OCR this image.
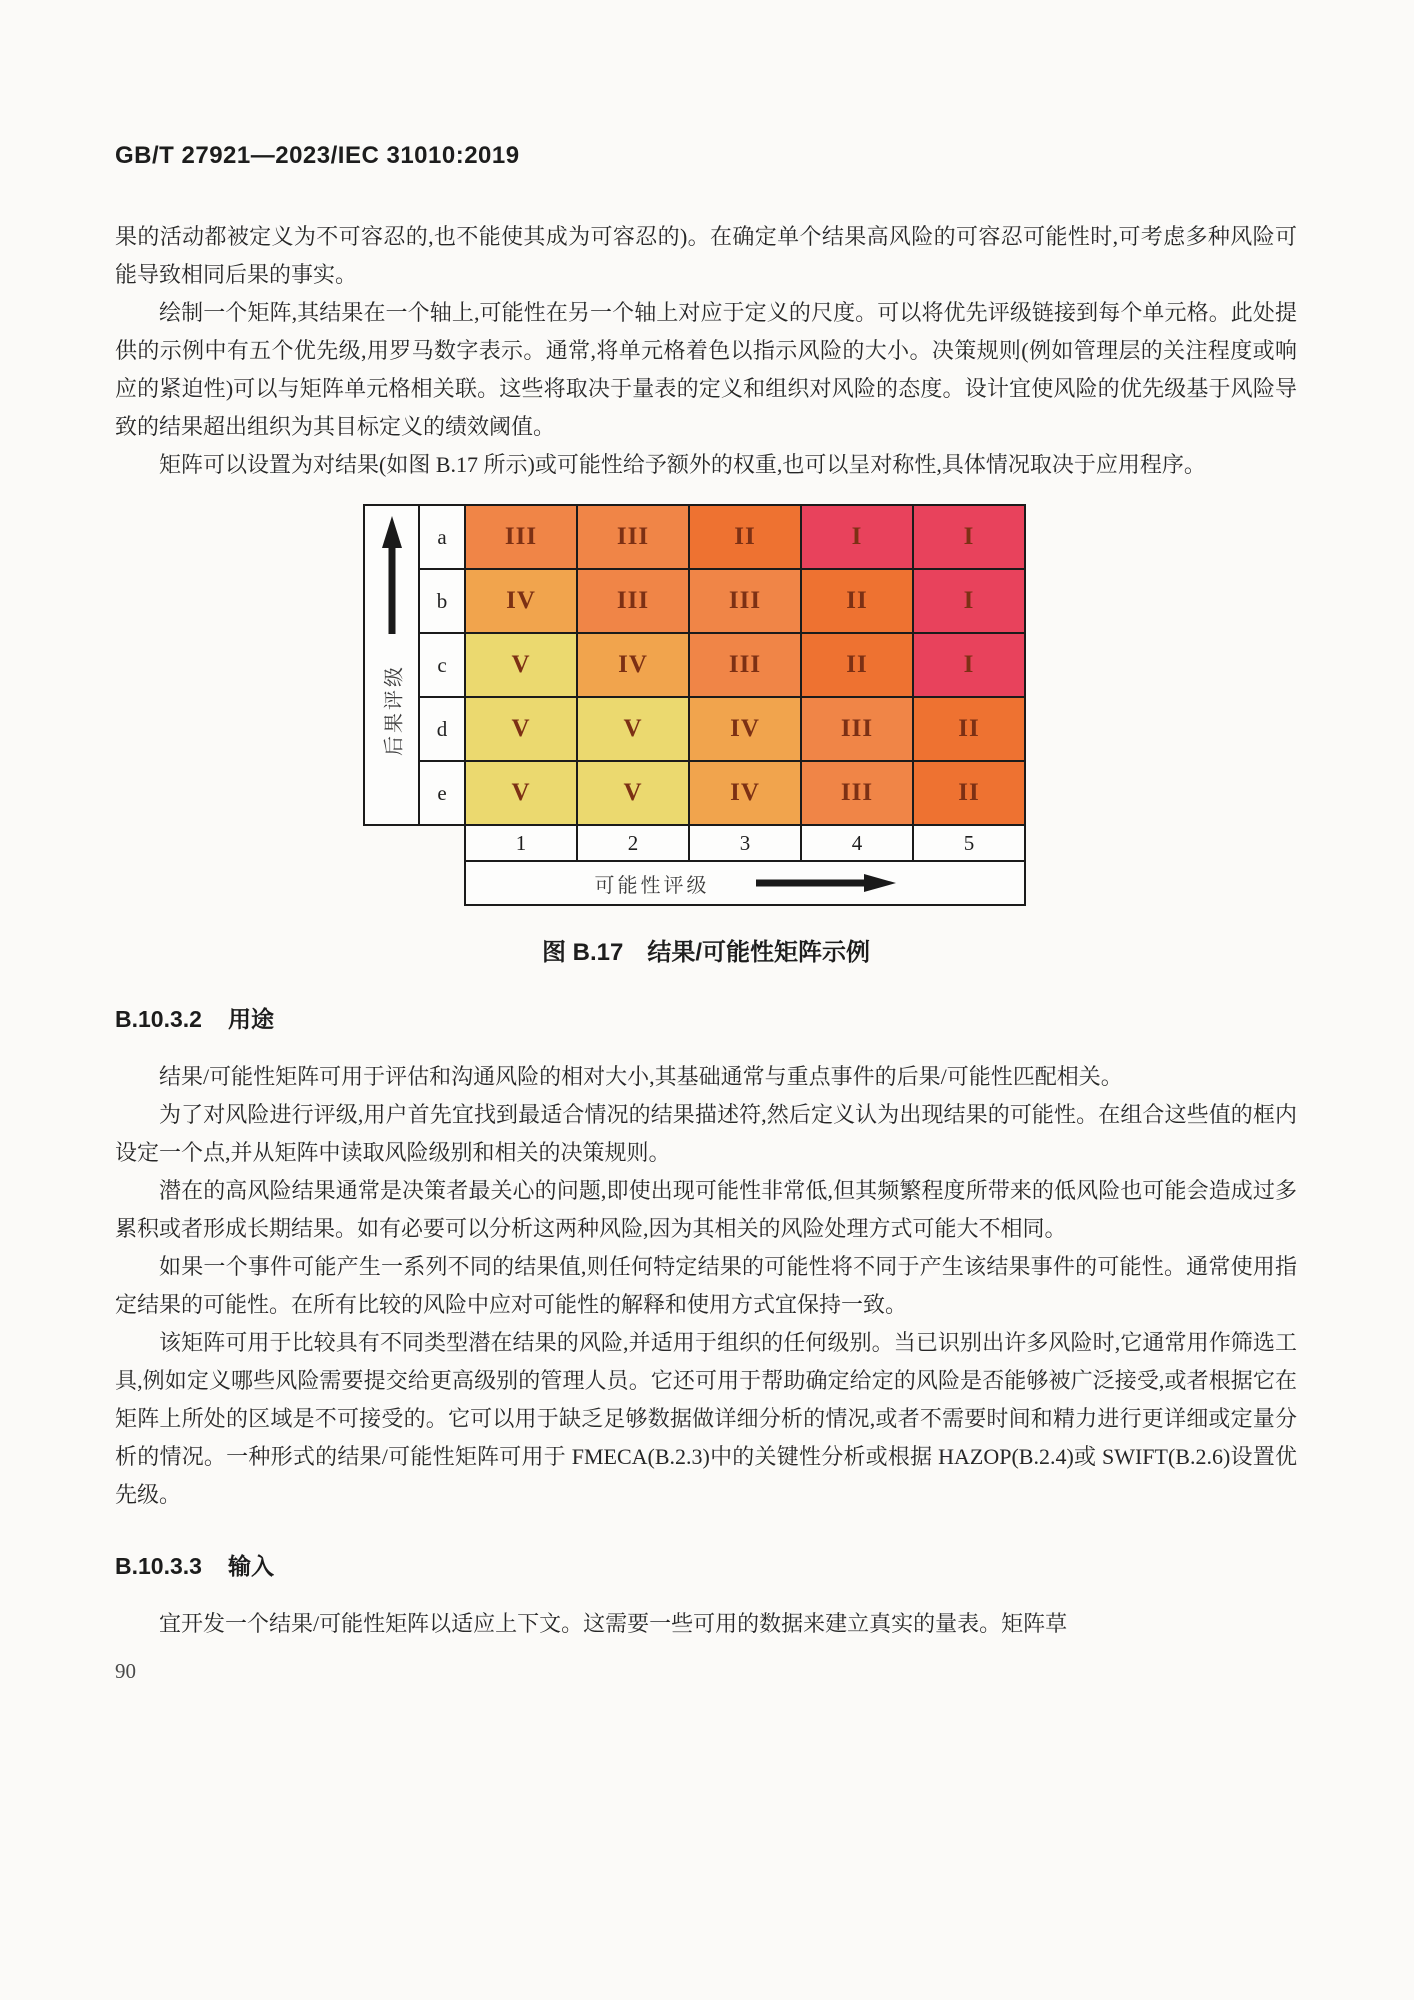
GB/T 27921—2023/IEC 31010:2019

果的活动都被定义为不可容忍的,也不能使其成为可容忍的)。在确定单个结果高风险的可容忍可能性时,可考虑多种风险可能导致相同后果的事实。

绘制一个矩阵,其结果在一个轴上,可能性在另一个轴上对应于定义的尺度。可以将优先评级链接到每个单元格。此处提供的示例中有五个优先级,用罗马数字表示。通常,将单元格着色以指示风险的大小。决策规则(例如管理层的关注程度或响应的紧迫性)可以与矩阵单元格相关联。这些将取决于量表的定义和组织对风险的态度。设计宜使风险的优先级基于风险导致的结果超出组织为其目标定义的绩效阈值。

矩阵可以设置为对结果(如图 B.17 所示)或可能性给予额外的权重,也可以呈对称性,具体情况取决于应用程序。

后果评级
a	III	III	II	I	I
b	IV	III	III	II	I
c	V	IV	III	II	I
d	V	V	IV	III	II
e	V	V	IV	III	II
1	2	3	4	5

可能性评级
图 B.17　结果/可能性矩阵示例
B.10.3.2 用途

结果/可能性矩阵可用于评估和沟通风险的相对大小,其基础通常与重点事件的后果/可能性匹配相关。

为了对风险进行评级,用户首先宜找到最适合情况的结果描述符,然后定义认为出现结果的可能性。在组合这些值的框内设定一个点,并从矩阵中读取风险级别和相关的决策规则。

潜在的高风险结果通常是决策者最关心的问题,即使出现可能性非常低,但其频繁程度所带来的低风险也可能会造成过多累积或者形成长期结果。如有必要可以分析这两种风险,因为其相关的风险处理方式可能大不相同。

如果一个事件可能产生一系列不同的结果值,则任何特定结果的可能性将不同于产生该结果事件的可能性。通常使用指定结果的可能性。在所有比较的风险中应对可能性的解释和使用方式宜保持一致。

该矩阵可用于比较具有不同类型潜在结果的风险,并适用于组织的任何级别。当已识别出许多风险时,它通常用作筛选工具,例如定义哪些风险需要提交给更高级别的管理人员。它还可用于帮助确定给定的风险是否能够被广泛接受,或者根据它在矩阵上所处的区域是不可接受的。它可以用于缺乏足够数据做详细分析的情况,或者不需要时间和精力进行更详细或定量分析的情况。一种形式的结果/可能性矩阵可用于 FMECA(B.2.3)中的关键性分析或根据 HAZOP(B.2.4)或 SWIFT(B.2.6)设置优先级。

B.10.3.3 输入

宜开发一个结果/可能性矩阵以适应上下文。这需要一些可用的数据来建立真实的量表。矩阵草

90
